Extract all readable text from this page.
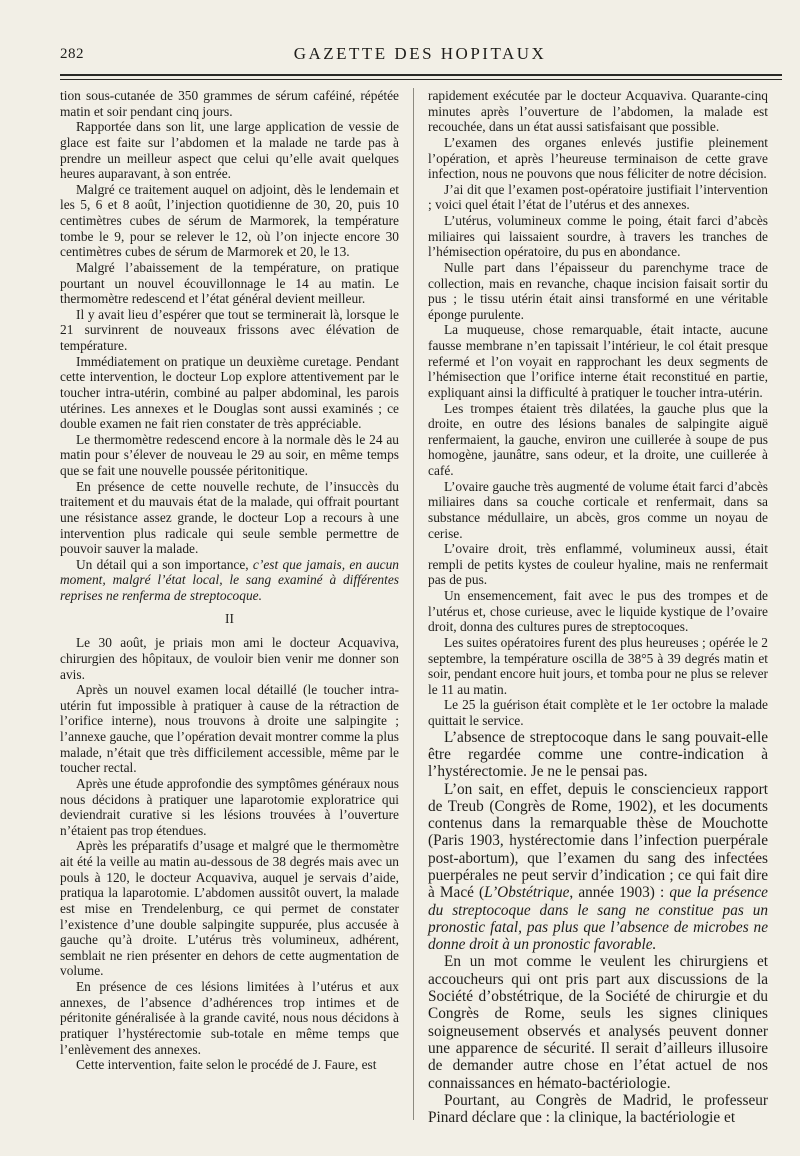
282	GAZETTE DES HOPITAUX

tion sous-cutanée de 350 grammes de sérum caféiné, répétée matin et soir pendant cinq jours.

Rapportée dans son lit, une large application de vessie de glace est faite sur l’abdomen et la malade ne tarde pas à prendre un meilleur aspect que celui qu’elle avait quelques heures auparavant, à son entrée.

Malgré ce traitement auquel on adjoint, dès le lendemain et les 5, 6 et 8 août, l’injection quotidienne de 30, 20, puis 10 centimètres cubes de sérum de Marmorek, la température tombe le 9, pour se relever le 12, où l’on injecte encore 30 centimètres cubes de sérum de Marmorek et 20, le 13.

Malgré l’abaissement de la température, on pratique pourtant un nouvel écouvillonnage le 14 au matin. Le thermomètre redescend et l’état général devient meilleur.

Il y avait lieu d’espérer que tout se terminerait là, lorsque le 21 survinrent de nouveaux frissons avec élévation de température.

Immédiatement on pratique un deuxième curetage. Pendant cette intervention, le docteur Lop explore attentivement par le toucher intra-utérin, combiné au palper abdominal, les parois utérines. Les annexes et le Douglas sont aussi examinés ; ce double examen ne fait rien constater de très appréciable.

Le thermomètre redescend encore à la normale dès le 24 au matin pour s’élever de nouveau le 29 au soir, en même temps que se fait une nouvelle poussée péritonitique.

En présence de cette nouvelle rechute, de l’insuccès du traitement et du mauvais état de la malade, qui offrait pourtant une résistance assez grande, le docteur Lop a recours à une intervention plus radicale qui seule semble permettre de pouvoir sauver la malade.

Un détail qui a son importance, c’est que jamais, en aucun moment, malgré l’état local, le sang examiné à différentes reprises ne renferma de streptocoque.

II

Le 30 août, je priais mon ami le docteur Acquaviva, chirurgien des hôpitaux, de vouloir bien venir me donner son avis.

Après un nouvel examen local détaillé (le toucher intra-utérin fut impossible à pratiquer à cause de la rétraction de l’orifice interne), nous trouvons à droite une salpingite ; l’annexe gauche, que l’opération devait montrer comme la plus malade, n’était que très difficilement accessible, même par le toucher rectal.

Après une étude approfondie des symptômes généraux nous nous décidons à pratiquer une laparotomie exploratrice qui deviendrait curative si les lésions trouvées à l’ouverture n’étaient pas trop étendues.

Après les préparatifs d’usage et malgré que le thermomètre ait été la veille au matin au-dessous de 38 degrés mais avec un pouls à 120, le docteur Acquaviva, auquel je servais d’aide, pratiqua la laparotomie. L’abdomen aussitôt ouvert, la malade est mise en Trendelenburg, ce qui permet de constater l’existence d’une double salpingite suppurée, plus accusée à gauche qu’à droite. L’utérus très volumineux, adhérent, semblait ne rien présenter en dehors de cette augmentation de volume.

En présence de ces lésions limitées à l’utérus et aux annexes, de l’absence d’adhérences trop intimes et de péritonite généralisée à la grande cavité, nous nous décidons à pratiquer l’hystérectomie sub-totale en même temps que l’enlèvement des annexes.

Cette intervention, faite selon le procédé de J. Faure, est

rapidement exécutée par le docteur Acquaviva. Quarante-cinq minutes après l’ouverture de l’abdomen, la malade est recouchée, dans un état aussi satisfaisant que possible.

L’examen des organes enlevés justifie pleinement l’opération, et après l’heureuse terminaison de cette grave infection, nous ne pouvons que nous féliciter de notre décision.

J’ai dit que l’examen post-opératoire justifiait l’intervention ; voici quel était l’état de l’utérus et des annexes.

L’utérus, volumineux comme le poing, était farci d’abcès miliaires qui laissaient sourdre, à travers les tranches de l’hémisection opératoire, du pus en abondance.

Nulle part dans l’épaisseur du parenchyme trace de collection, mais en revanche, chaque incision faisait sortir du pus ; le tissu utérin était ainsi transformé en une véritable éponge purulente.

La muqueuse, chose remarquable, était intacte, aucune fausse membrane n’en tapissait l’intérieur, le col était presque refermé et l’on voyait en rapprochant les deux segments de l’hémisection que l’orifice interne était reconstitué en partie, expliquant ainsi la difficulté à pratiquer le toucher intra-utérin.

Les trompes étaient très dilatées, la gauche plus que la droite, en outre des lésions banales de salpingite aiguë renfermaient, la gauche, environ une cuillerée à soupe de pus homogène, jaunâtre, sans odeur, et la droite, une cuillerée à café.

L’ovaire gauche très augmenté de volume était farci d’abcès miliaires dans sa couche corticale et renfermait, dans sa substance médullaire, un abcès, gros comme un noyau de cerise.

L’ovaire droit, très enflammé, volumineux aussi, était rempli de petits kystes de couleur hyaline, mais ne renfermait pas de pus.

Un ensemencement, fait avec le pus des trompes et de l’utérus et, chose curieuse, avec le liquide kystique de l’ovaire droit, donna des cultures pures de streptocoques.

Les suites opératoires furent des plus heureuses ; opérée le 2 septembre, la température oscilla de 38°5 à 39 degrés matin et soir, pendant encore huit jours, et tomba pour ne plus se relever le 11 au matin.

Le 25 la guérison était complète et le 1er octobre la malade quittait le service.

L’absence de streptocoque dans le sang pouvait-elle être regardée comme une contre-indication à l’hystérectomie. Je ne le pensai pas.

L’on sait, en effet, depuis le consciencieux rapport de Treub (Congrès de Rome, 1902), et les documents contenus dans la remarquable thèse de Mouchotte (Paris 1903, hystérectomie dans l’infection puerpérale post-abortum), que l’examen du sang des infectées puerpérales ne peut servir d’indication ; ce qui fait dire à Macé (L’Obstétrique, année 1903) : que la présence du streptocoque dans le sang ne constitue pas un pronostic fatal, pas plus que l’absence de microbes ne donne droit à un pronostic favorable.

En un mot comme le veulent les chirurgiens et accoucheurs qui ont pris part aux discussions de la Société d’obstétrique, de la Société de chirurgie et du Congrès de Rome, seuls les signes cliniques soigneusement observés et analysés peuvent donner une apparence de sécurité. Il serait d’ailleurs illusoire de demander autre chose en l’état actuel de nos connaissances en hémato-bactériologie.

Pourtant, au Congrès de Madrid, le professeur Pinard déclare que : la clinique, la bactériologie et
